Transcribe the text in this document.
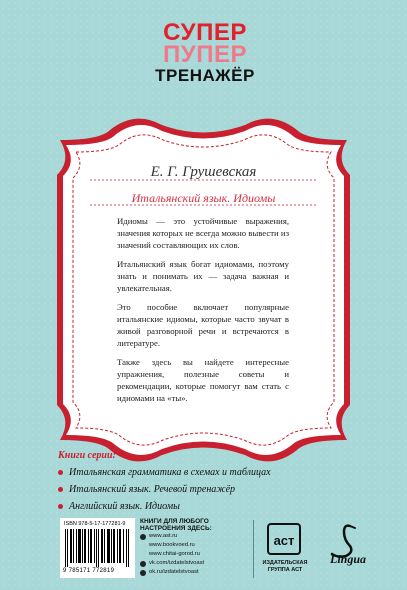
СУПЕР
ПУПЕР
ТРЕНАЖЁР
Е. Г. Грушевская
Итальянский язык. Идиомы

Идиомы — это устойчивые выражения, значения которых не всегда можно вывести из значений составляющих их слов.

Итальянский язык богат идиомами, поэтому знать и понимать их — задача важная и увлекательная.

Это пособие включает популярные итальянские идиомы, которые часто звучат в живой разговорной речи и встречаются в литературе.

Также здесь вы найдете интересные упражнения, полезные советы и рекомендации, которые помогут вам стать с идиомами на «ты».

Книги серии:
Итальянская грамматика в схемах и таблицах
Итальянский язык. Речевой тренажёр
Английский язык. Идиомы
ISBN 978-5-17-177281-9
9 785171 772819
КНИГИ ДЛЯ ЛЮБОГО
НАСТРОЕНИЯ ЗДЕСЬ:
www.ast.ru
www.bookvoed.ru
www.chitai-gorod.ru
vk.com/izdatelstvoast
ok.ru/izdatelstvoast
аст
ИЗДАТЕЛЬСКАЯ
ГРУППА АСТ
Lingua
